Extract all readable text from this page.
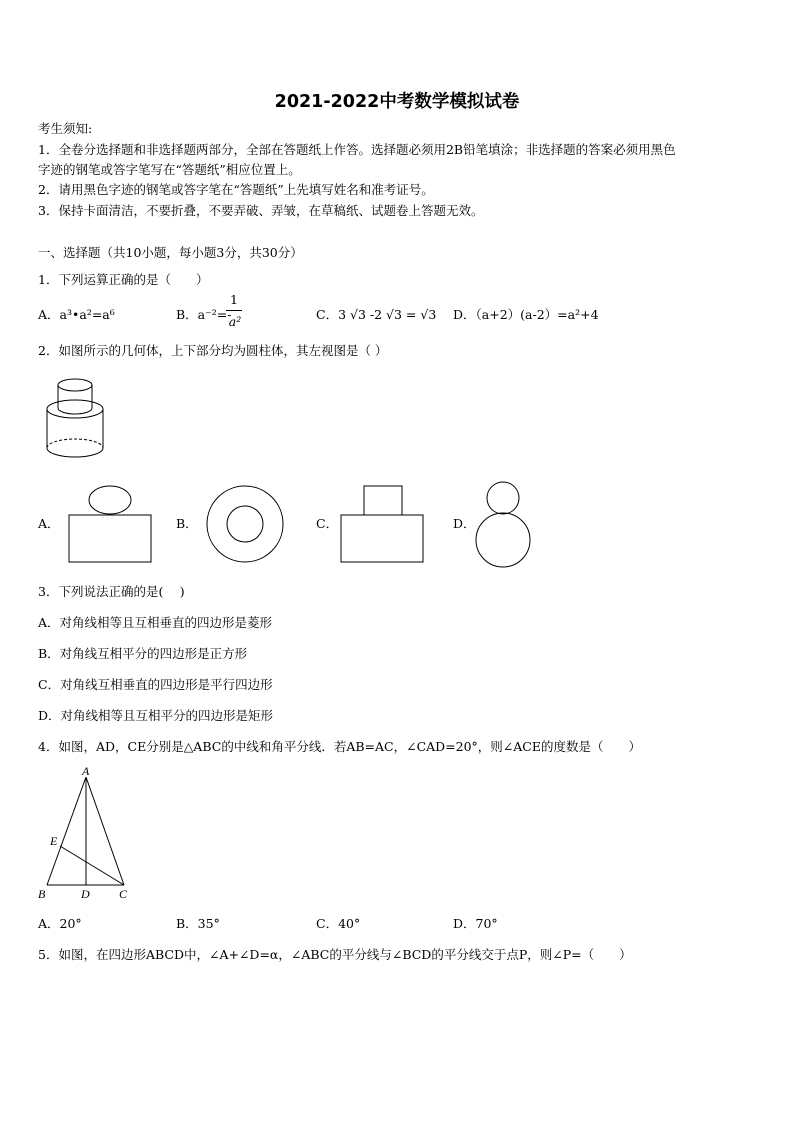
2021-2022中考数学模拟试卷
考生须知:
1．全卷分选择题和非选择题两部分，全部在答题纸上作答。选择题必须用2B铅笔填涂；非选择题的答案必须用黑色
字迹的钢笔或答字笔写在“答题纸”相应位置上。
2．请用黑色字迹的钢笔或答字笔在“答题纸”上先填写姓名和准考证号。
3．保持卡面清洁，不要折叠，不要弄破、弄皱，在草稿纸、试题卷上答题无效。
一、选择题（共10小题，每小题3分，共30分）
1．下列运算正确的是（　　）
A．a³•a²=a⁶	B．a⁻²=-
1
a²	C．3 √3 -2 √3 = √3 D．（a+2）(a-2）=a²+4
2．如图所示的几何体，上下部分均为圆柱体，其左视图是（ ）
A．	B．	C．	D．
3．下列说法正确的是(　 )
A．对角线相等且互相垂直的四边形是菱形
B．对角线互相平分的四边形是正方形
C．对角线互相垂直的四边形是平行四边形
D．对角线相等且互相平分的四边形是矩形
4．如图，AD，CE分别是△ABC的中线和角平分线．若AB=AC，∠CAD=20°，则∠ACE的度数是（　　）
A
E
B	D C
A．20°	B．35°	C．40°	D．70°
5．如图，在四边形ABCD中，∠A+∠D=α，∠ABC的平分线与∠BCD的平分线交于点P，则∠P=（　　）
